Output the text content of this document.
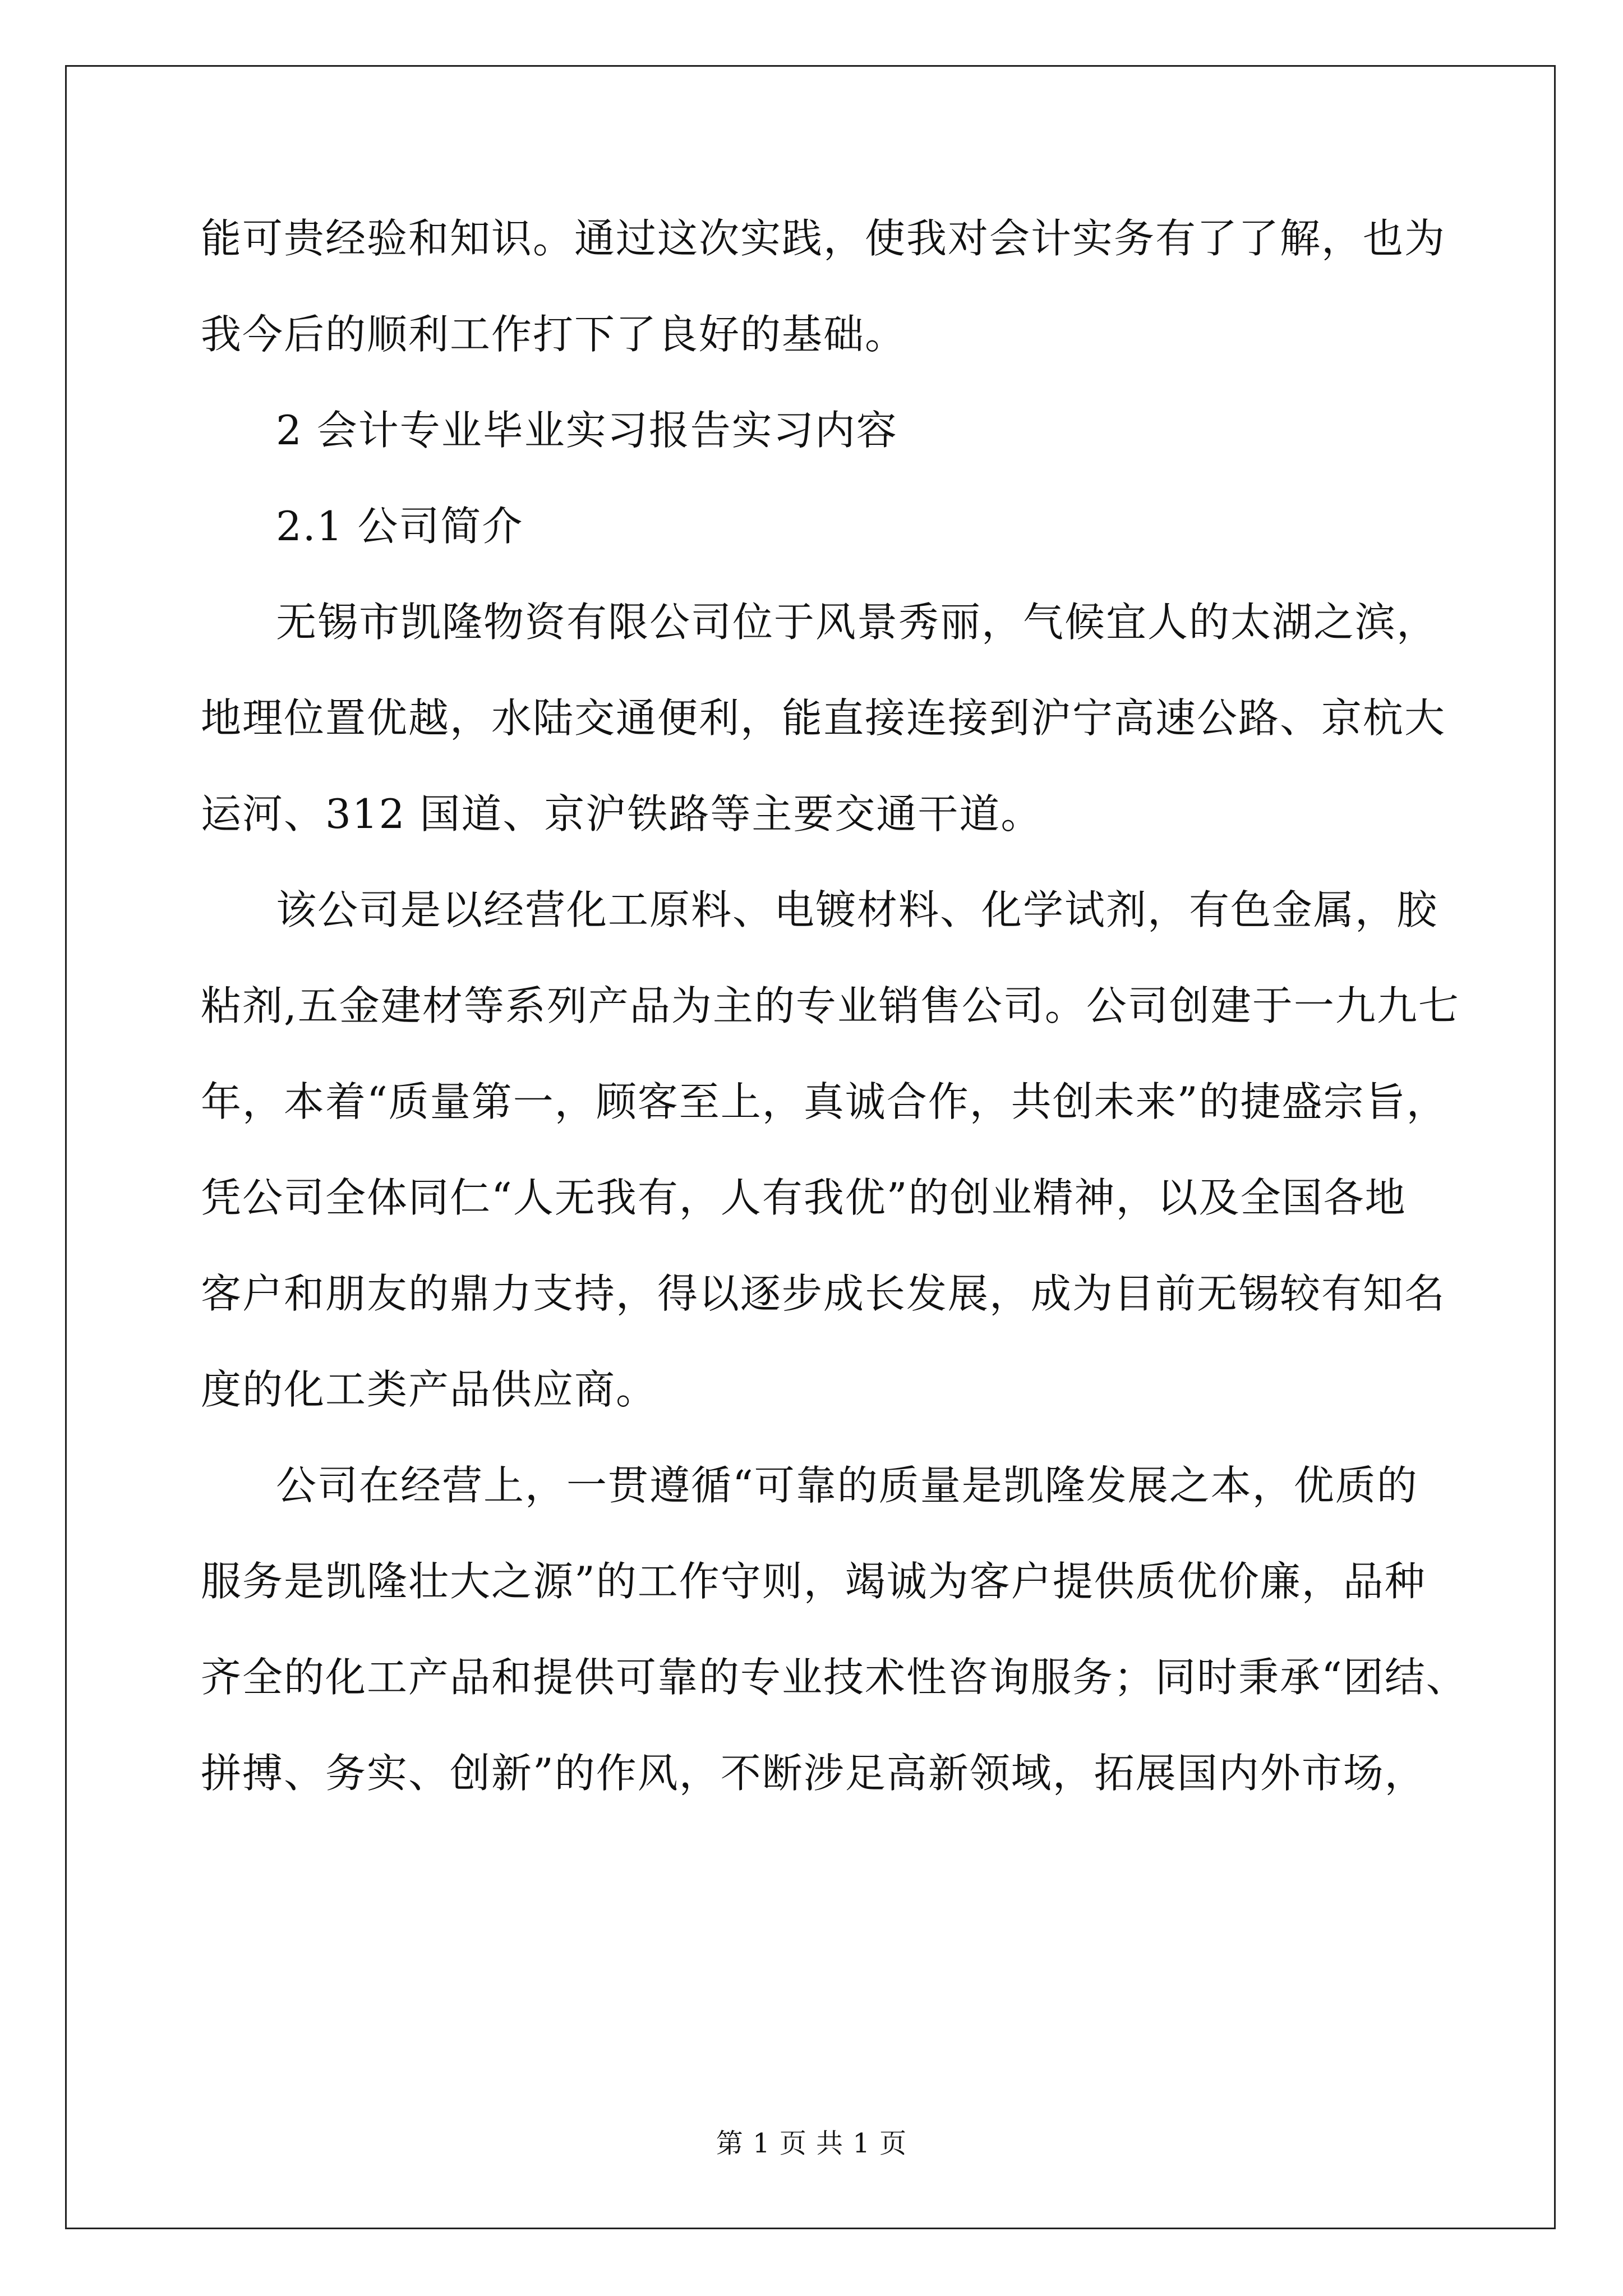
能可贵经验和知识。通过这次实践，使我对会计实务有了了解，也为
我今后的顺利工作打下了良好的基础。
2 会计专业毕业实习报告实习内容
2.1 公司简介
无锡市凯隆物资有限公司位于风景秀丽，气候宜人的太湖之滨，
地理位置优越，水陆交通便利，能直接连接到沪宁高速公路、京杭大
运河、312 国道、京沪铁路等主要交通干道。
该公司是以经营化工原料、电镀材料、化学试剂，有色金属，胶
粘剂,五金建材等系列产品为主的专业销售公司。公司创建于一九九七
年，本着“质量第一，顾客至上，真诚合作，共创未来”的捷盛宗旨，
凭公司全体同仁“人无我有，人有我优”的创业精神，以及全国各地
客户和朋友的鼎力支持，得以逐步成长发展，成为目前无锡较有知名
度的化工类产品供应商。
公司在经营上，一贯遵循“可靠的质量是凯隆发展之本，优质的
服务是凯隆壮大之源”的工作守则，竭诚为客户提供质优价廉，品种
齐全的化工产品和提供可靠的专业技术性咨询服务；同时秉承“团结、
拼搏、务实、创新”的作风，不断涉足高新领域，拓展国内外市场，
第 1 页 共 1 页
